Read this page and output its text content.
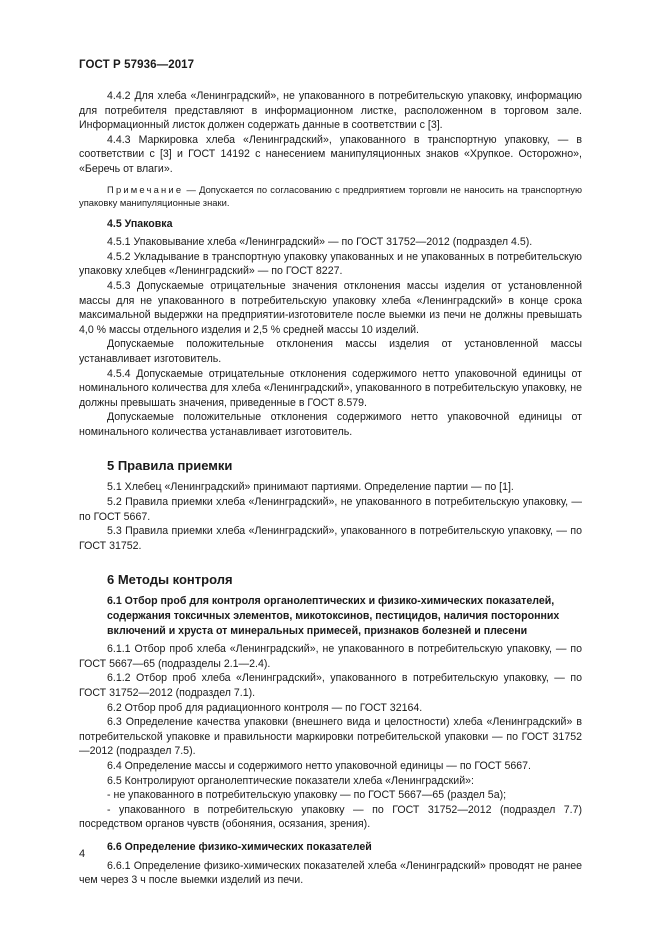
ГОСТ Р 57936—2017

4.4.2 Для хлеба «Ленинградский», не упакованного в потребительскую упаковку, информацию для потребителя представляют в информационном листке, расположенном в торговом зале. Информационный листок должен содержать данные в соответствии с [3].

4.4.3 Маркировка хлеба «Ленинградский», упакованного в транспортную упаковку, — в соответствии с [3] и ГОСТ 14192 с нанесением манипуляционных знаков «Хрупкое. Осторожно», «Беречь от влаги».

Примечание — Допускается по согласованию с предприятием торговли не наносить на транспортную упаковку манипуляционные знаки.

4.5 Упаковка

4.5.1 Упаковывание хлеба «Ленинградский» — по ГОСТ 31752—2012 (подраздел 4.5).

4.5.2 Укладывание в транспортную упаковку упакованных и не упакованных в потребительскую упаковку хлебцев «Ленинградский» — по ГОСТ 8227.

4.5.3 Допускаемые отрицательные значения отклонения массы изделия от установленной массы для не упакованного в потребительскую упаковку хлеба «Ленинградский» в конце срока максимальной выдержки на предприятии-изготовителе после выемки из печи не должны превышать 4,0 % массы отдельного изделия и 2,5 % средней массы 10 изделий.

Допускаемые положительные отклонения массы изделия от установленной массы устанавливает изготовитель.

4.5.4 Допускаемые отрицательные отклонения содержимого нетто упаковочной единицы от номинального количества для хлеба «Ленинградский», упакованного в потребительскую упаковку, не должны превышать значения, приведенные в ГОСТ 8.579.

Допускаемые положительные отклонения содержимого нетто упаковочной единицы от номинального количества устанавливает изготовитель.

5 Правила приемки

5.1 Хлебец «Ленинградский» принимают партиями. Определение партии — по [1].

5.2 Правила приемки хлеба «Ленинградский», не упакованного в потребительскую упаковку, — по ГОСТ 5667.

5.3 Правила приемки хлеба «Ленинградский», упакованного в потребительскую упаковку, — по ГОСТ 31752.

6 Методы контроля

6.1 Отбор проб для контроля органолептических и физико-химических показателей, содержания токсичных элементов, микотоксинов, пестицидов, наличия посторонних включений и хруста от минеральных примесей, признаков болезней и плесени

6.1.1 Отбор проб хлеба «Ленинградский», не упакованного в потребительскую упаковку, — по ГОСТ 5667—65 (подразделы 2.1—2.4).

6.1.2 Отбор проб хлеба «Ленинградский», упакованного в потребительскую упаковку, — по ГОСТ 31752—2012 (подраздел 7.1).

6.2 Отбор проб для радиационного контроля — по ГОСТ 32164.

6.3 Определение качества упаковки (внешнего вида и целостности) хлеба «Ленинградский» в потребительской упаковке и правильности маркировки потребительской упаковки — по ГОСТ 31752—2012 (подраздел 7.5).

6.4 Определение массы и содержимого нетто упаковочной единицы — по ГОСТ 5667.

6.5 Контролируют органолептические показатели хлеба «Ленинградский»:

- не упакованного в потребительскую упаковку — по ГОСТ 5667—65 (раздел 5а);

- упакованного в потребительскую упаковку — по ГОСТ 31752—2012 (подраздел 7.7) посредством органов чувств (обоняния, осязания, зрения).

6.6 Определение физико-химических показателей

6.6.1 Определение физико-химических показателей хлеба «Ленинградский» проводят не ранее чем через 3 ч после выемки изделий из печи.

4
